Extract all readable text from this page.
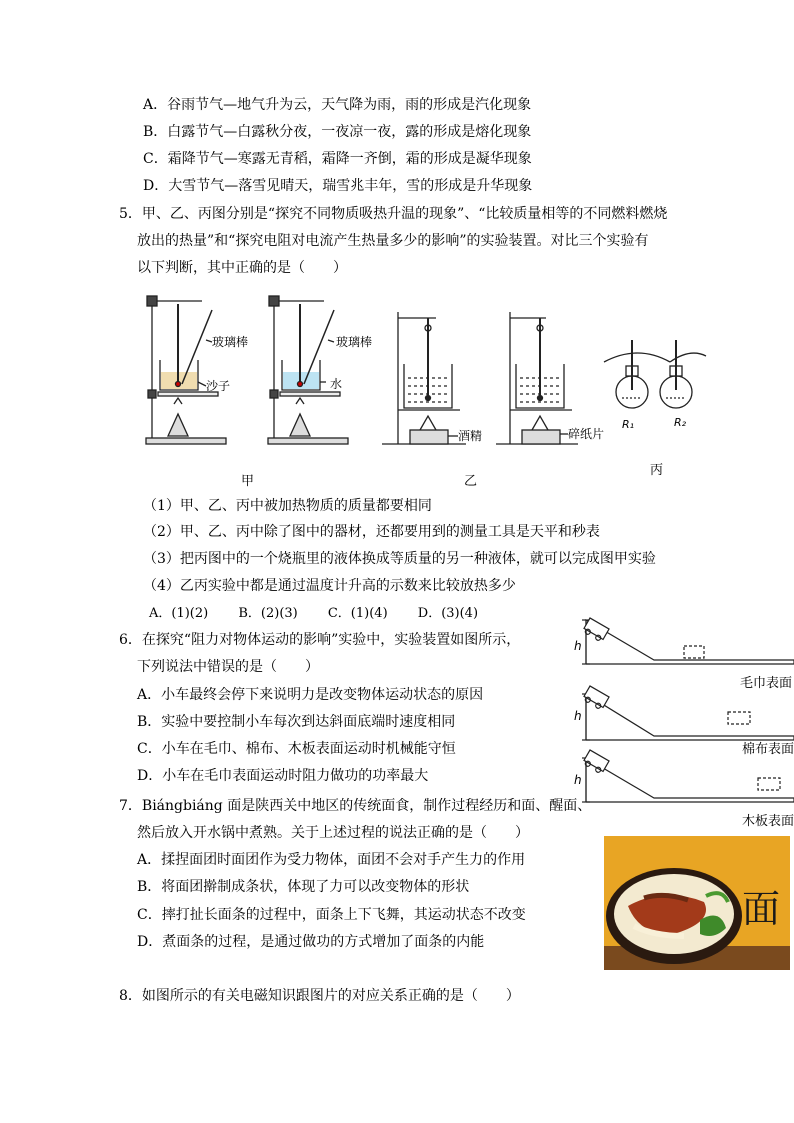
A．谷雨节气—地气升为云，天气降为雨，雨的形成是汽化现象
B．白露节气—白露秋分夜，一夜凉一夜，露的形成是熔化现象
C．霜降节气—寒露无青稻，霜降一齐倒，霜的形成是凝华现象
D．大雪节气—落雪见晴天，瑞雪兆丰年，雪的形成是升华现象
5．甲、乙、丙图分别是“探究不同物质吸热升温的现象”、“比较质量相等的不同燃料燃烧
放出的热量”和“探究电阻对电流产生热量多少的影响”的实验装置。对比三个实验有
以下判断，其中正确的是（　　）
玻璃棒
沙子
玻璃棒
水
酒精	碎纸片
R₁	R₂
甲	乙
丙
（1）甲、乙、丙中被加热物质的质量都要相同
（2）甲、乙、丙中除了图中的器材，还都要用到的测量工具是天平和秒表
（3）把丙图中的一个烧瓶里的液体换成等质量的另一种液体，就可以完成图甲实验
（4）乙丙实验中都是通过温度计升高的示数来比较放热多少
A．(1)(2)　　 B．(2)(3)　　 C．(1)(4)　　 D．(3)(4)
6．在探究“阻力对物体运动的影响”实验中，实验装置如图所示，
下列说法中错误的是（　　）
A．小车最终会停下来说明力是改变物体运动状态的原因
B．实验中要控制小车每次到达斜面底端时速度相同
C．小车在毛巾、棉布、木板表面运动时机械能守恒
D．小车在毛巾表面运动时阻力做功的功率最大
h
h
h
毛巾表面
棉布表面
木板表面
7．Biángbiáng 面是陕西关中地区的传统面食，制作过程经历和面、醒面、
然后放入开水锅中煮熟。关于上述过程的说法正确的是（　　）
A．揉捏面团时面团作为受力物体，面团不会对手产生力的作用
B．将面团擀制成条状，体现了力可以改变物体的形状
C．摔打扯长面条的过程中，面条上下飞舞，其运动状态不改变
D．煮面条的过程，是通过做功的方式增加了面条的内能
面
8．如图所示的有关电磁知识跟图片的对应关系正确的是（　　）
